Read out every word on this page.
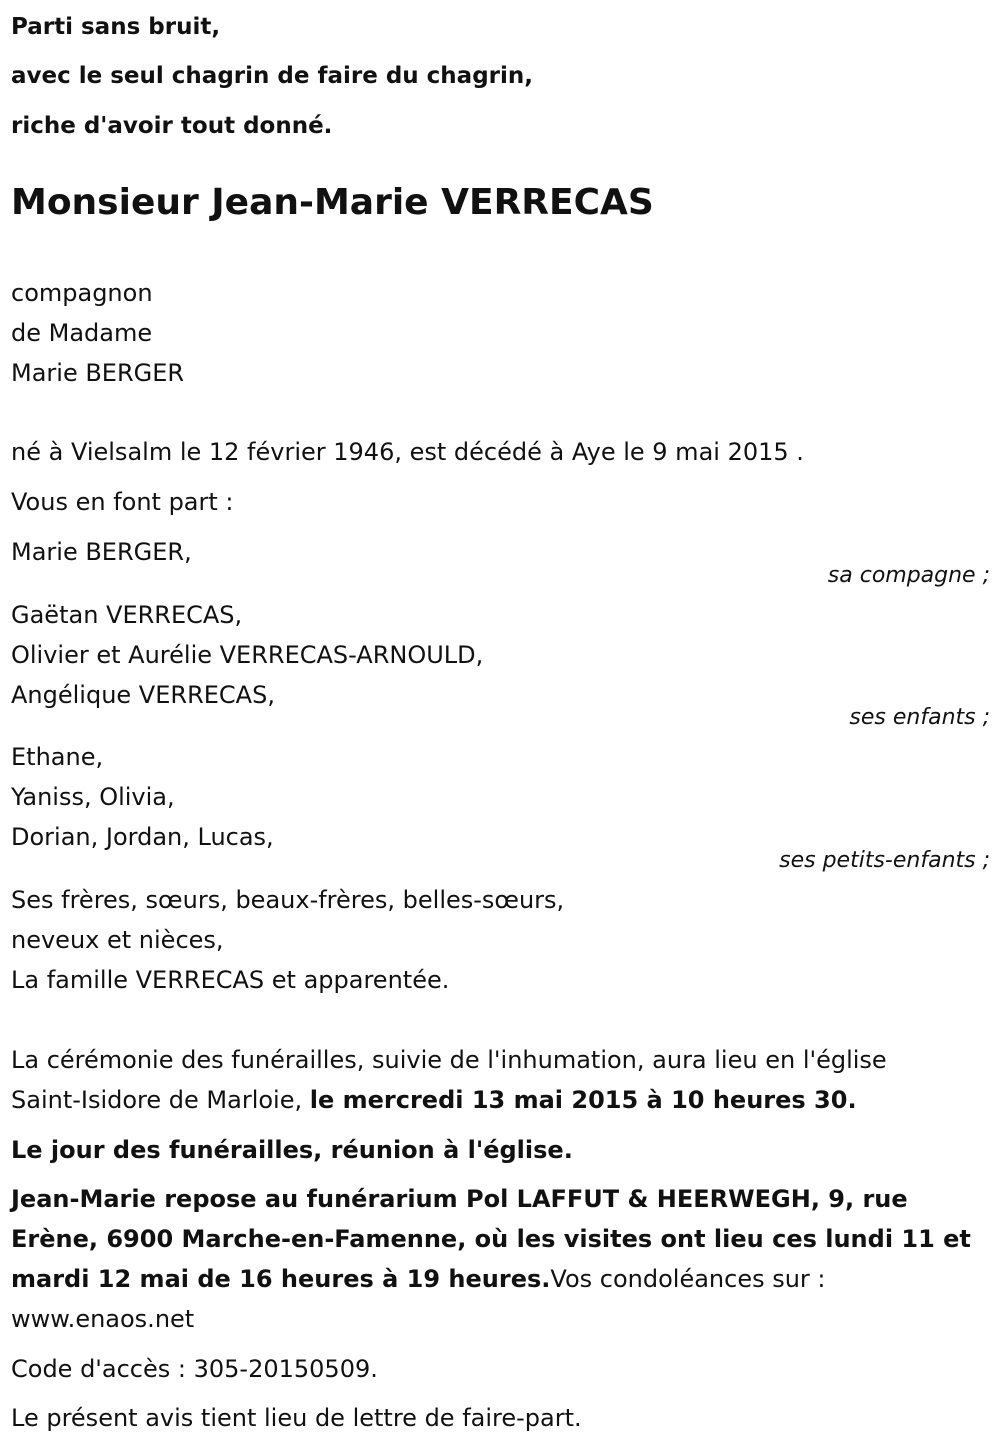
Parti sans bruit,

avec le seul chagrin de faire du chagrin,

riche d'avoir tout donné.

Monsieur Jean-Marie VERRECAS
compagnon
de Madame
Marie BERGER

né à Vielsalm le 12 février 1946, est décédé à Aye le 9 mai 2015 .

Vous en font part :

Marie BERGER,

sa compagne ;

Gaëtan VERRECAS,
Olivier et Aurélie VERRECAS-ARNOULD,
Angélique VERRECAS,

ses enfants ;

Ethane,
Yaniss, Olivia,
Dorian, Jordan, Lucas,

ses petits-enfants ;

Ses frères, sœurs, beaux-frères, belles-sœurs,
neveux et nièces,
La famille VERRECAS et apparentée.
La cérémonie des funérailles, suivie de l'inhumation, aura lieu en l'église
Saint-Isidore de Marloie, le mercredi 13 mai 2015 à 10 heures 30.

Le jour des funérailles, réunion à l'église.

Jean-Marie repose au funérarium Pol LAFFUT & HEERWEGH, 9, rue
Erène, 6900 Marche-en-Famenne, où les visites ont lieu ces lundi 11 et
mardi 12 mai de 16 heures à 19 heures.Vos condoléances sur :
www.enaos.net

Code d'accès : 305-20150509.

Le présent avis tient lieu de lettre de faire-part.
